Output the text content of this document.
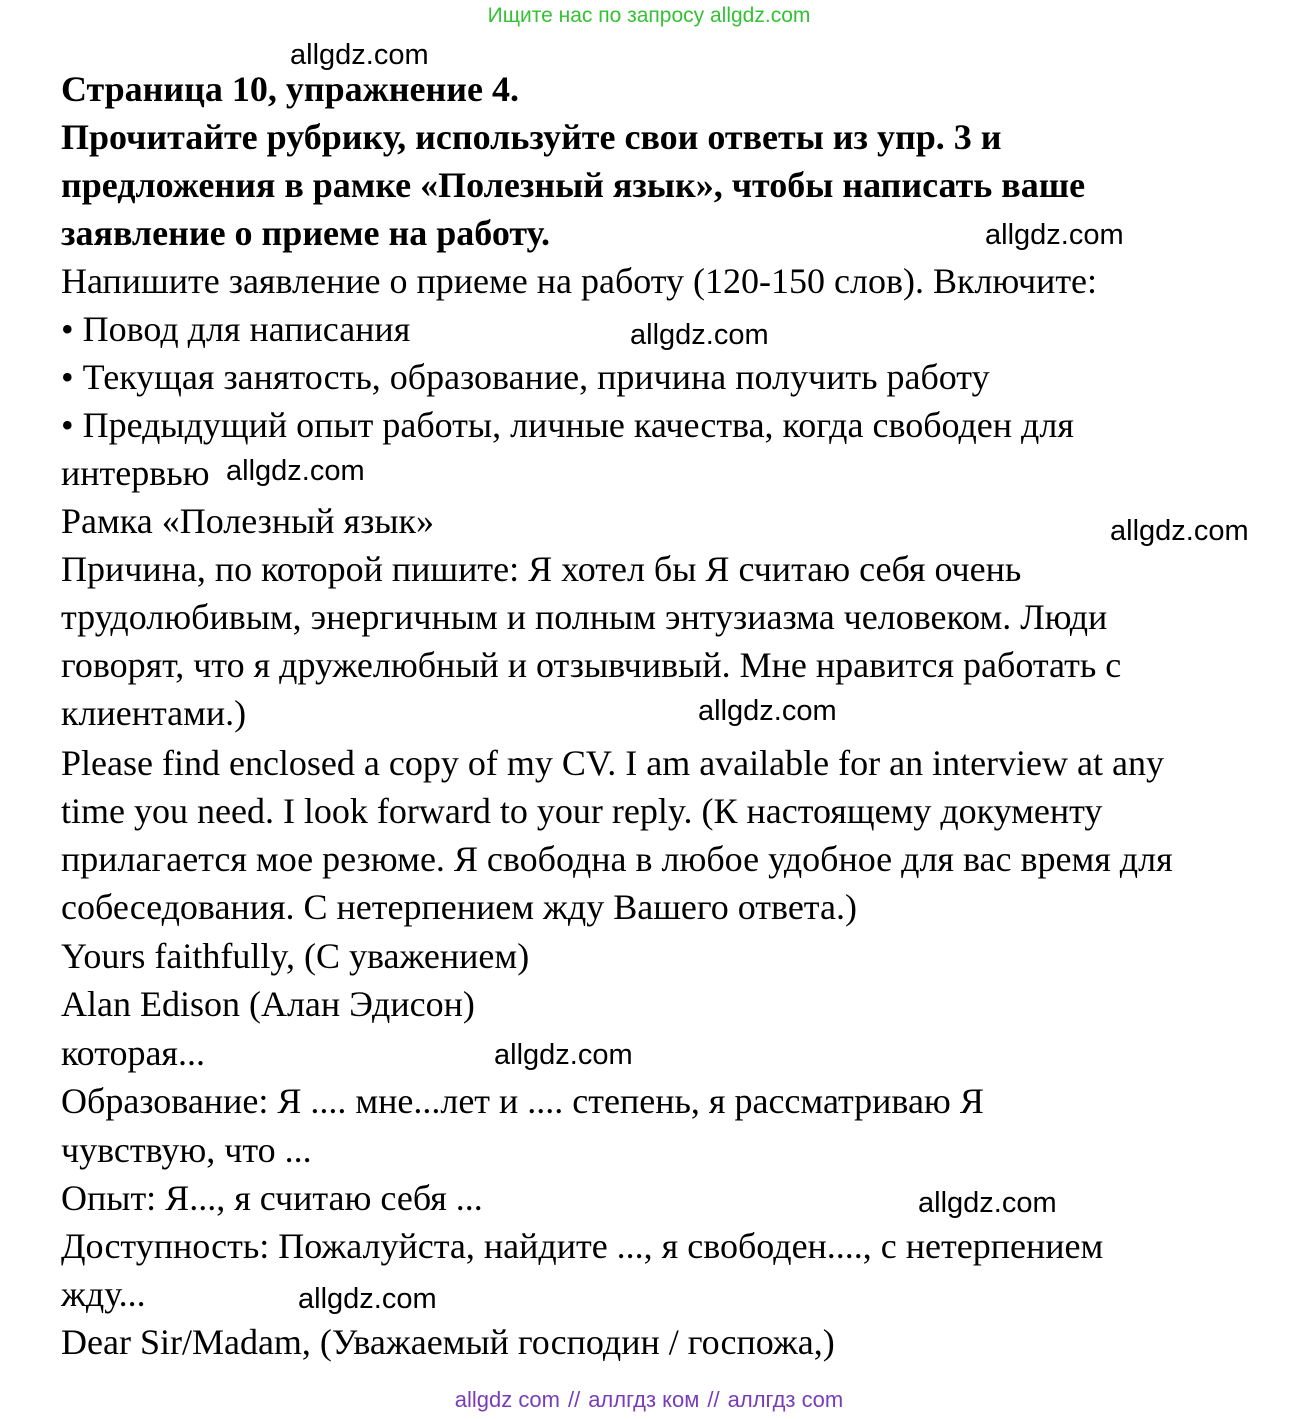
Ищите нас по запросу allgdz.com
Страница 10, упражнение 4.
Прочитайте рубрику, используйте свои ответы из упр. 3 и
предложения в рамке «Полезный язык», чтобы написать ваше
заявление о приеме на работу.
Напишите заявление о приеме на работу (120-150 слов). Включите:
• Повод для написания
• Текущая занятость, образование, причина получить работу
• Предыдущий опыт работы, личные качества, когда свободен для
интервью
Рамка «Полезный язык»
Причина, по которой пишите: Я хотел бы Я считаю себя очень
трудолюбивым, энергичным и полным энтузиазма человеком. Люди
говорят, что я дружелюбный и отзывчивый. Мне нравится работать с
клиентами.)
Please find enclosed a copy of my CV. I am available for an interview at any
time you need. I look forward to your reply. (К настоящему документу
прилагается мое резюме. Я свободна в любое удобное для вас время для
собеседования. С нетерпением жду Вашего ответа.)
Yours faithfully, (С уважением)
Alan Edison (Алан Эдисон)
которая...
Образование: Я .... мне...лет и .... степень, я рассматриваю Я
чувствую, что ...
Опыт: Я..., я считаю себя ...
Доступность: Пожалуйста, найдите ..., я свободен...., с нетерпением
жду...
Dear Sir/Madam, (Уважаемый господин / госпожа,)
allgdz.com
allgdz.com
allgdz.com
allgdz.com
allgdz.com
allgdz.com
allgdz.com
allgdz.com
allgdz.com
allgdz com // аллгдз ком // аллгдз com
